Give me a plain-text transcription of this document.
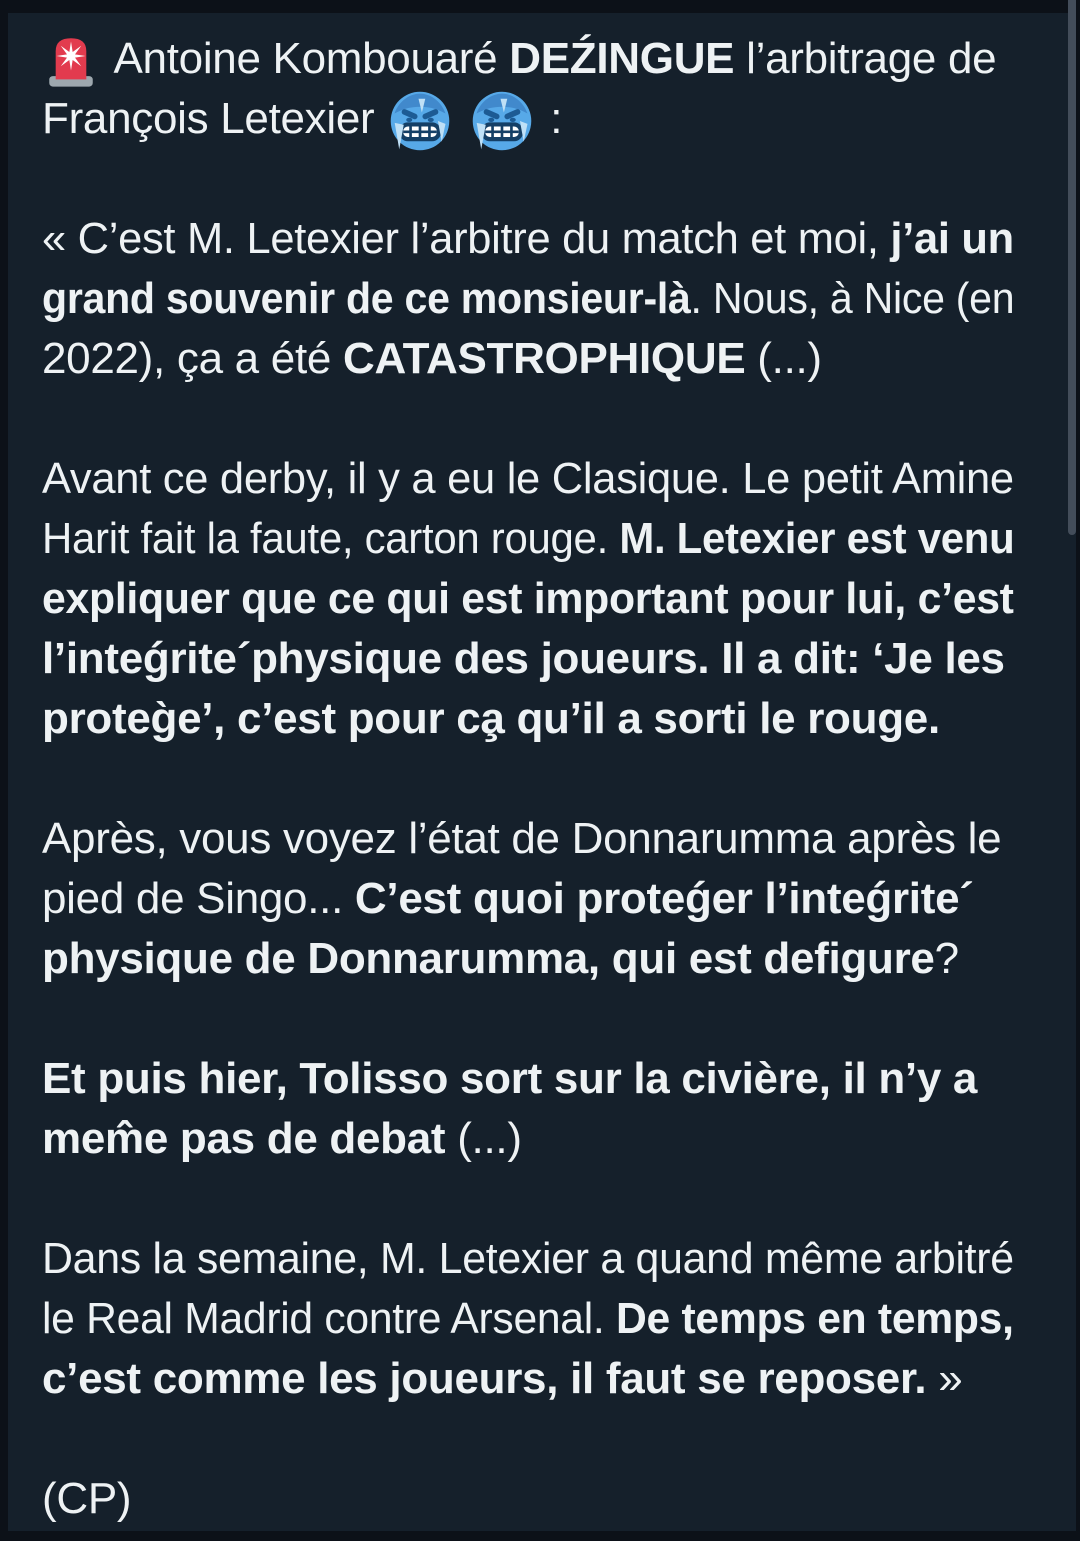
Antoine Kombouaré DEŹINGUE l’arbitrage de
François Letexier
	:
« C’est M. Letexier l’arbitre du match et moi, j’ai un
grand souvenir de ce monsieur-là. Nous, à Nice (en
2022), ça a été CATASTROPHIQUE (...)
Avant ce derby, il y a eu le Clasique. Le petit Amine
Harit fait la faute, carton rouge. M. Letexier est venu
expliquer que ce qui est important pour lui, c’est
l’inteǵrite´physique des joueurs. Il a dit: ‘Je les
proteg̀e’, c’est pour ca̧ qu’il a sorti le rouge.
Après, vous voyez l’état de Donnarumma après le
pied de Singo... C’est quoi proteǵer l’inteǵrite´
physique de Donnarumma, qui est defigure?
Et puis hier, Tolisso sort sur la civière, il n’y a
mem̂e pas de debat (...)
Dans la semaine, M. Letexier a quand même arbitré
le Real Madrid contre Arsenal. De temps en temps,
c’est comme les joueurs, il faut se reposer. »
(CP)
